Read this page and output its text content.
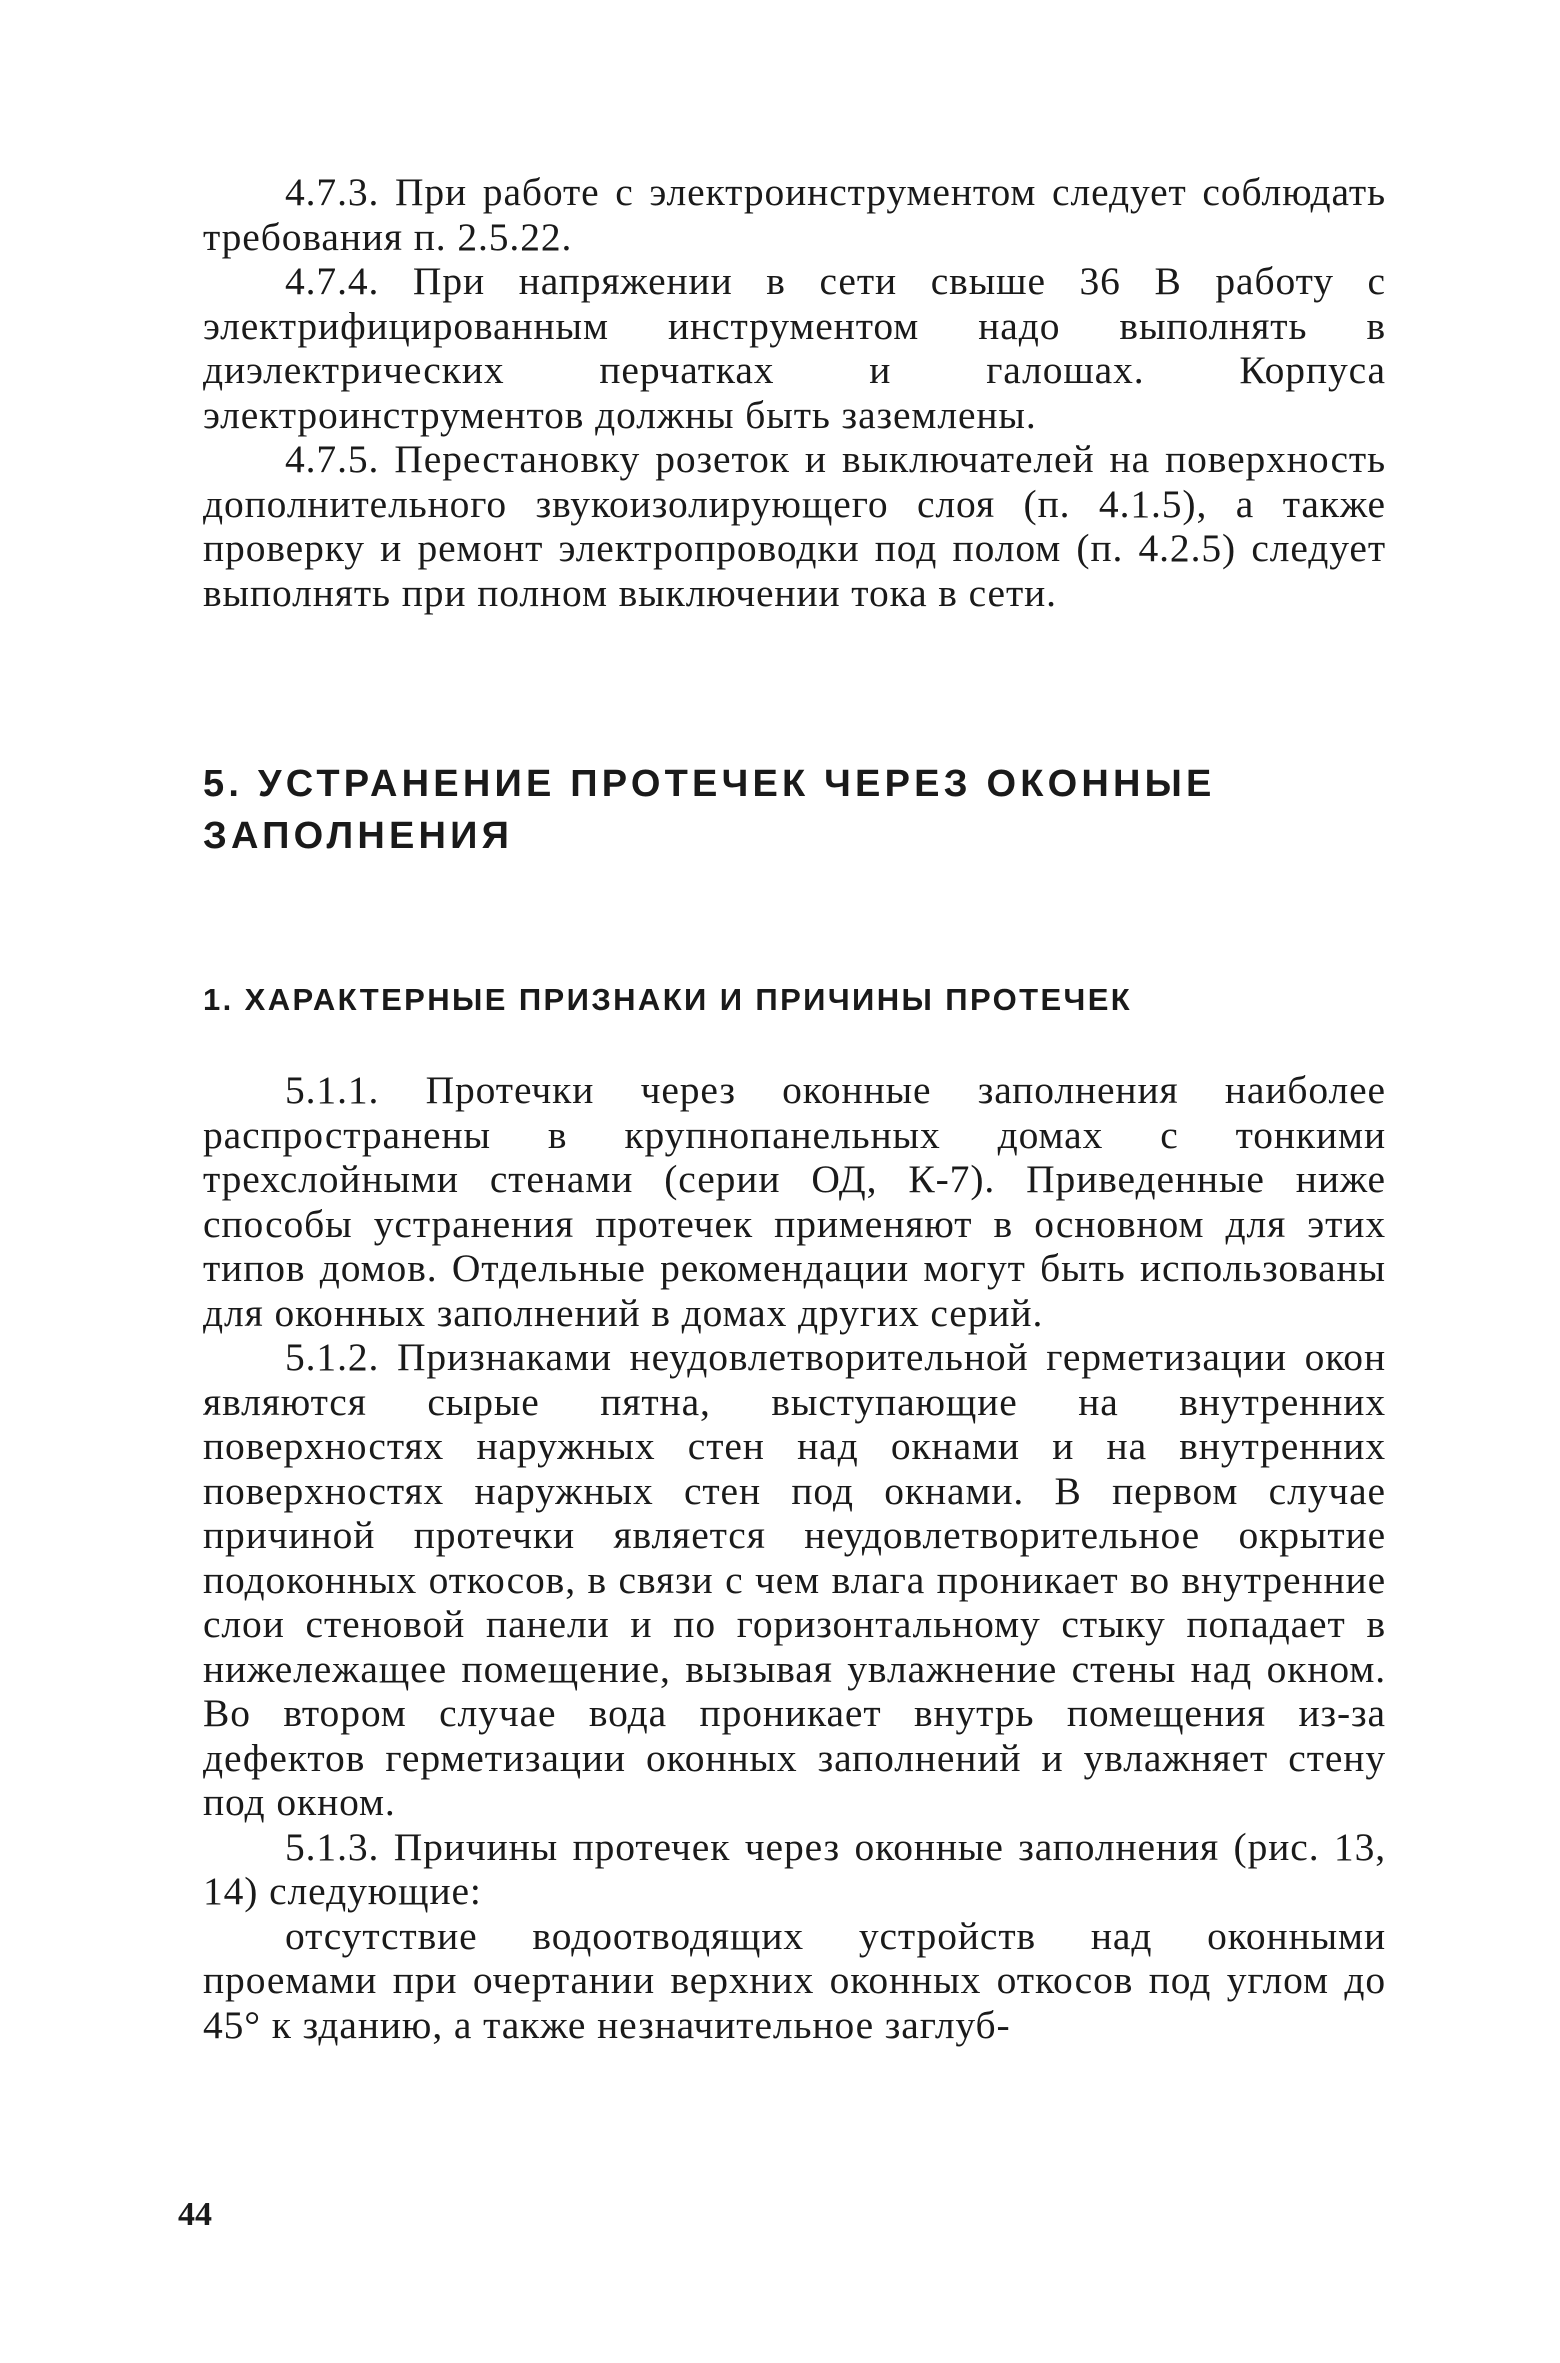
4.7.3. При работе с электроинструментом следует соблюдать требования п. 2.5.22.

4.7.4. При напряжении в сети свыше 36 В работу с электрифицированным инструментом надо выполнять в диэлектрических перчатках и галошах. Корпуса электроинструментов должны быть заземлены.

4.7.5. Перестановку розеток и выключателей на поверхность дополнительного звукоизолирующего слоя (п. 4.1.5), а также проверку и ремонт электропроводки под полом (п. 4.2.5) следует выполнять при полном выключении тока в сети.

5. УСТРАНЕНИЕ ПРОТЕЧЕК ЧЕРЕЗ ОКОННЫЕ
ЗАПОЛНЕНИЯ
1. ХАРАКТЕРНЫЕ ПРИЗНАКИ И ПРИЧИНЫ ПРОТЕЧЕК

5.1.1. Протечки через оконные заполнения наиболее распространены в крупнопанельных домах с тонкими трехслойными стенами (серии ОД, К-7). Приведенные ниже способы устранения протечек применяют в основном для этих типов домов. Отдельные рекомендации могут быть использованы для оконных заполнений в домах других серий.

5.1.2. Признаками неудовлетворительной герметизации окон являются сырые пятна, выступающие на внутренних поверхностях наружных стен над окнами и на внутренних поверхностях наружных стен под окнами. В первом случае причиной протечки является неудовлетворительное окрытие подоконных откосов, в связи с чем влага проникает во внутренние слои стеновой панели и по горизонтальному стыку попадает в нижележащее помещение, вызывая увлажнение стены над окном. Во втором случае вода проникает внутрь помещения из-за дефектов герметизации оконных заполнений и увлажняет стену под окном.

5.1.3. Причины протечек через оконные заполнения (рис. 13, 14) следующие:

отсутствие водоотводящих устройств над оконными проемами при очертании верхних оконных откосов под углом до 45° к зданию, а также незначительное заглуб-

44
